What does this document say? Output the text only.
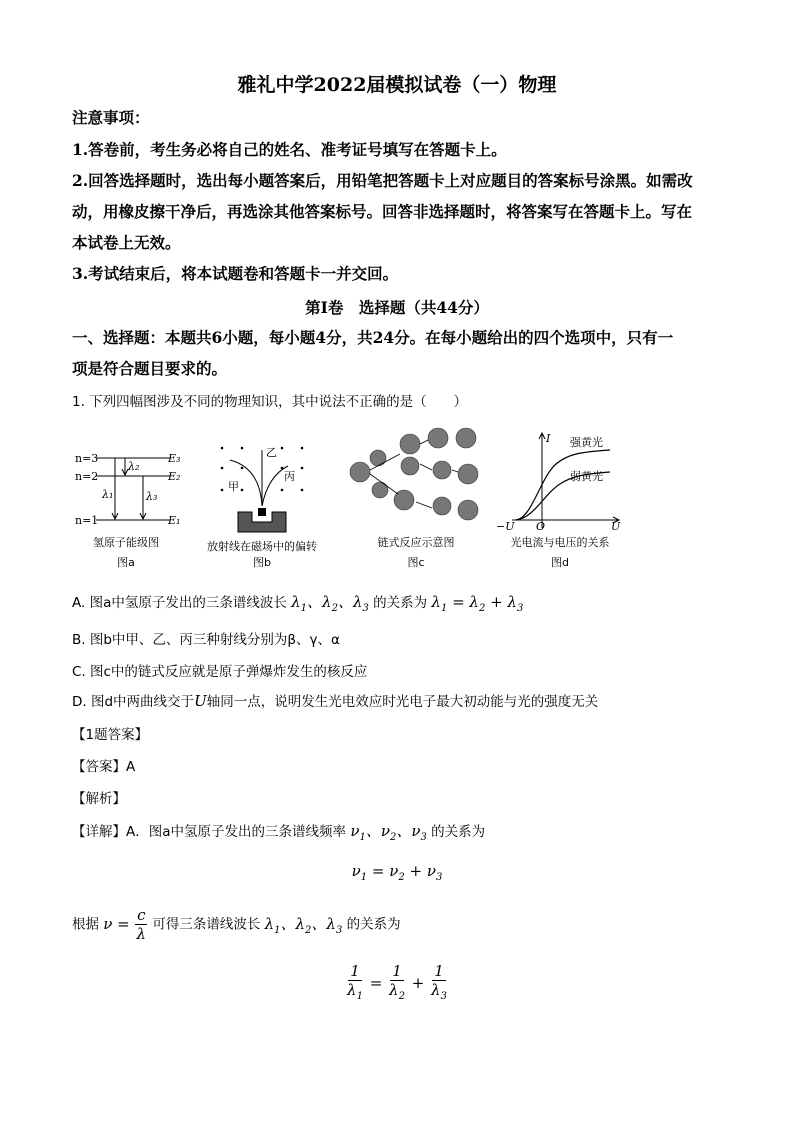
雅礼中学2022届模拟试卷（一）物理
注意事项：
1.答卷前，考生务必将自己的姓名、准考证号填写在答题卡上。
2.回答选择题时，选出每小题答案后，用铅笔把答题卡上对应题目的答案标号涂黑。如需改
动，用橡皮擦干净后，再选涂其他答案标号。回答非选择题时，将答案写在答题卡上。写在
本试卷上无效。
3.考试结束后，将本试题卷和答题卡一并交回。
第Ⅰ卷　选择题（共44分）
一、选择题：本题共6小题，每小题4分，共24分。在每小题给出的四个选项中，只有一
项是符合题目要求的。
1. 下列四幅图涉及不同的物理知识，其中说法不正确的是（　　）
n=3
n=2
n=1
E₃
E₂
E₁
λ₁
λ₂
λ₃
氢原子能级图
图a
甲
乙
丙
放射线在磁场中的偏转
图b
链式反应示意图
图c
I
U
O
−U
强黄光
弱黄光
光电流与电压的关系
图d
A. 图a中氢原子发出的三条谱线波长 $\lambda_1$、$\lambda_2$、$\lambda_3$ 的关系为 $\lambda_1 = \lambda_2 + \lambda_3$
B. 图b中甲、乙、丙三种射线分别为β、γ、α
C. 图c中的链式反应就是原子弹爆炸发生的核反应
D. 图d中两曲线交于U轴同一点，说明发生光电效应时光电子最大初动能与光的强度无关
【1题答案】
【答案】A
【解析】
【详解】A．图a中氢原子发出的三条谱线频率 $\nu_1$、$\nu_2$、$\nu_3$ 的关系为
$\nu_1 = \nu_2 + \nu_3$
根据 $\nu = \frac{c}{\lambda}$ 可得三条谱线波长 $\lambda_1$、$\lambda_2$、$\lambda_3$ 的关系为
$\frac{1}{\lambda_1} = \frac{1}{\lambda_2} + \frac{1}{\lambda_3}$
